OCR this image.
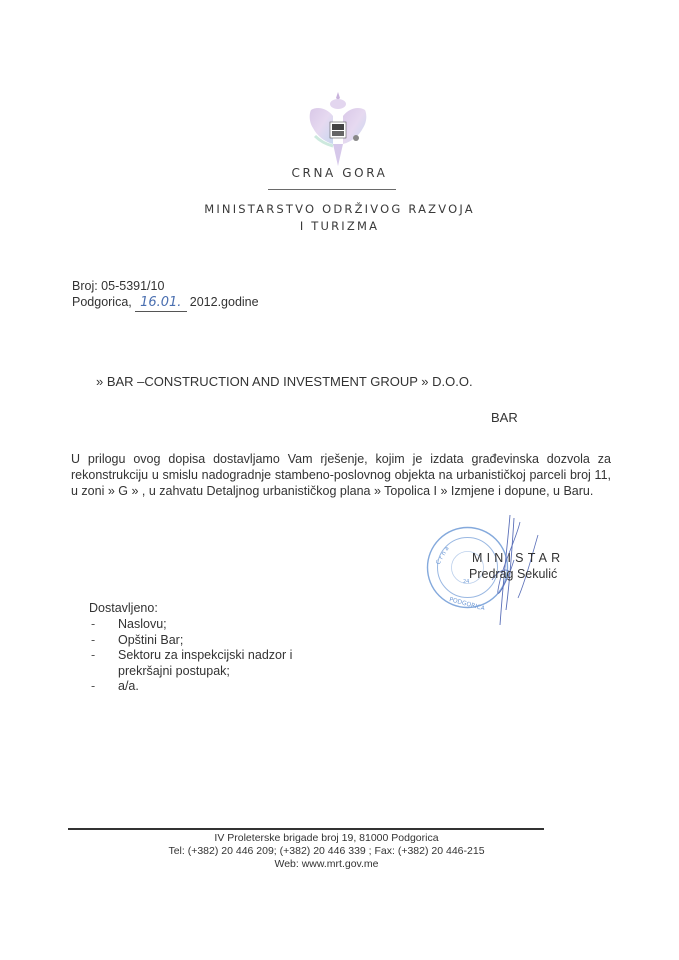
CRNA GORA
MINISTARSTVO ODRŽIVOG RAZVOJA
I TURIZMA
Broj: 05-5391/10
Podgorica, 16.01. 2012.godine
» BAR –CONSTRUCTION AND INVESTMENT GROUP » D.O.O.
BAR
U prilogu ovog dopisa dostavljamo Vam rješenje, kojim je izdata građevinska dozvola za rekonstrukciju u smislu nadogradnje stambeno-poslovnog objekta na urbanističkoj parceli broj 11, u zoni » G » , u zahvatu Detaljnog urbanističkog plana » Topolica I » Izmjene i dopune, u Baru.
C r n a
PODGORICA
24
MINISTAR
Predrag Sekulić
Dostavljeno:
- Naslovu;
- Opštini Bar;
- Sektoru za inspekcijski nadzor i prekršajni postupak;
- a/a.
IV Proleterske brigade broj 19, 81000 Podgorica
Tel: (+382) 20 446 209; (+382) 20 446 339 ; Fax: (+382) 20 446-215
Web: www.mrt.gov.me
